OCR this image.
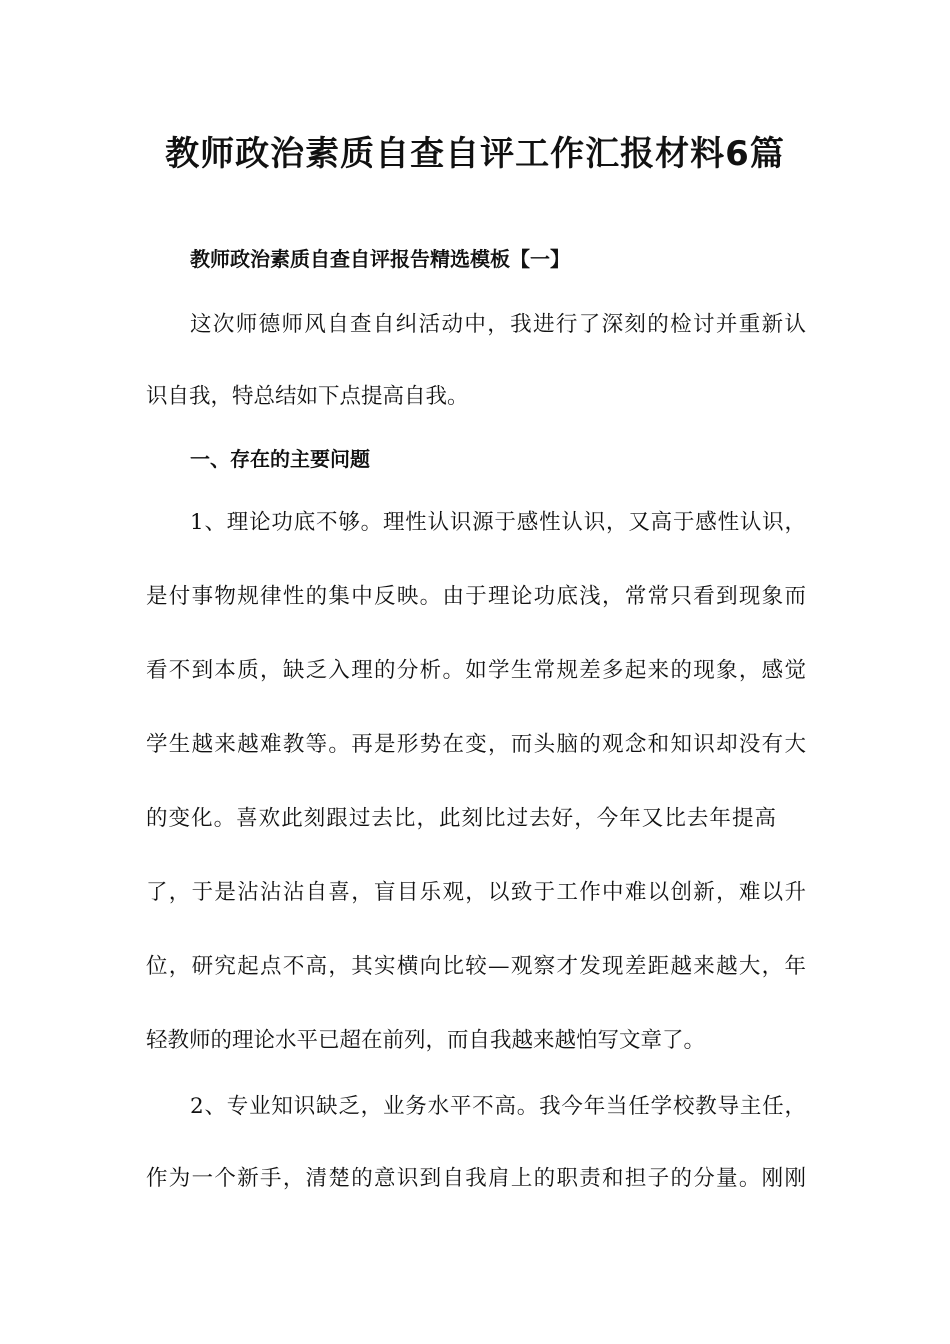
教师政治素质自查自评工作汇报材料6篇
教师政治素质自查自评报告精选模板【一】
这次师德师风自查自纠活动中，我进行了深刻的检讨并重新认
识自我，特总结如下点提高自我。
一、存在的主要问题
1、理论功底不够。理性认识源于感性认识，又高于感性认识，
是付事物规律性的集中反映。由于理论功底浅，常常只看到现象而
看不到本质，缺乏入理的分析。如学生常规差多起来的现象，感觉
学生越来越难教等。再是形势在变，而头脑的观念和知识却没有大
的变化。喜欢此刻跟过去比，此刻比过去好，今年又比去年提高
了，于是沾沾沾自喜，盲目乐观，以致于工作中难以创新，难以升
位，研究起点不高，其实横向比较—观察才发现差距越来越大，年
轻教师的理论水平已超在前列，而自我越来越怕写文章了。
2、专业知识缺乏，业务水平不高。我今年当任学校教导主任，
作为一个新手，清楚的意识到自我肩上的职责和担子的分量。刚刚
